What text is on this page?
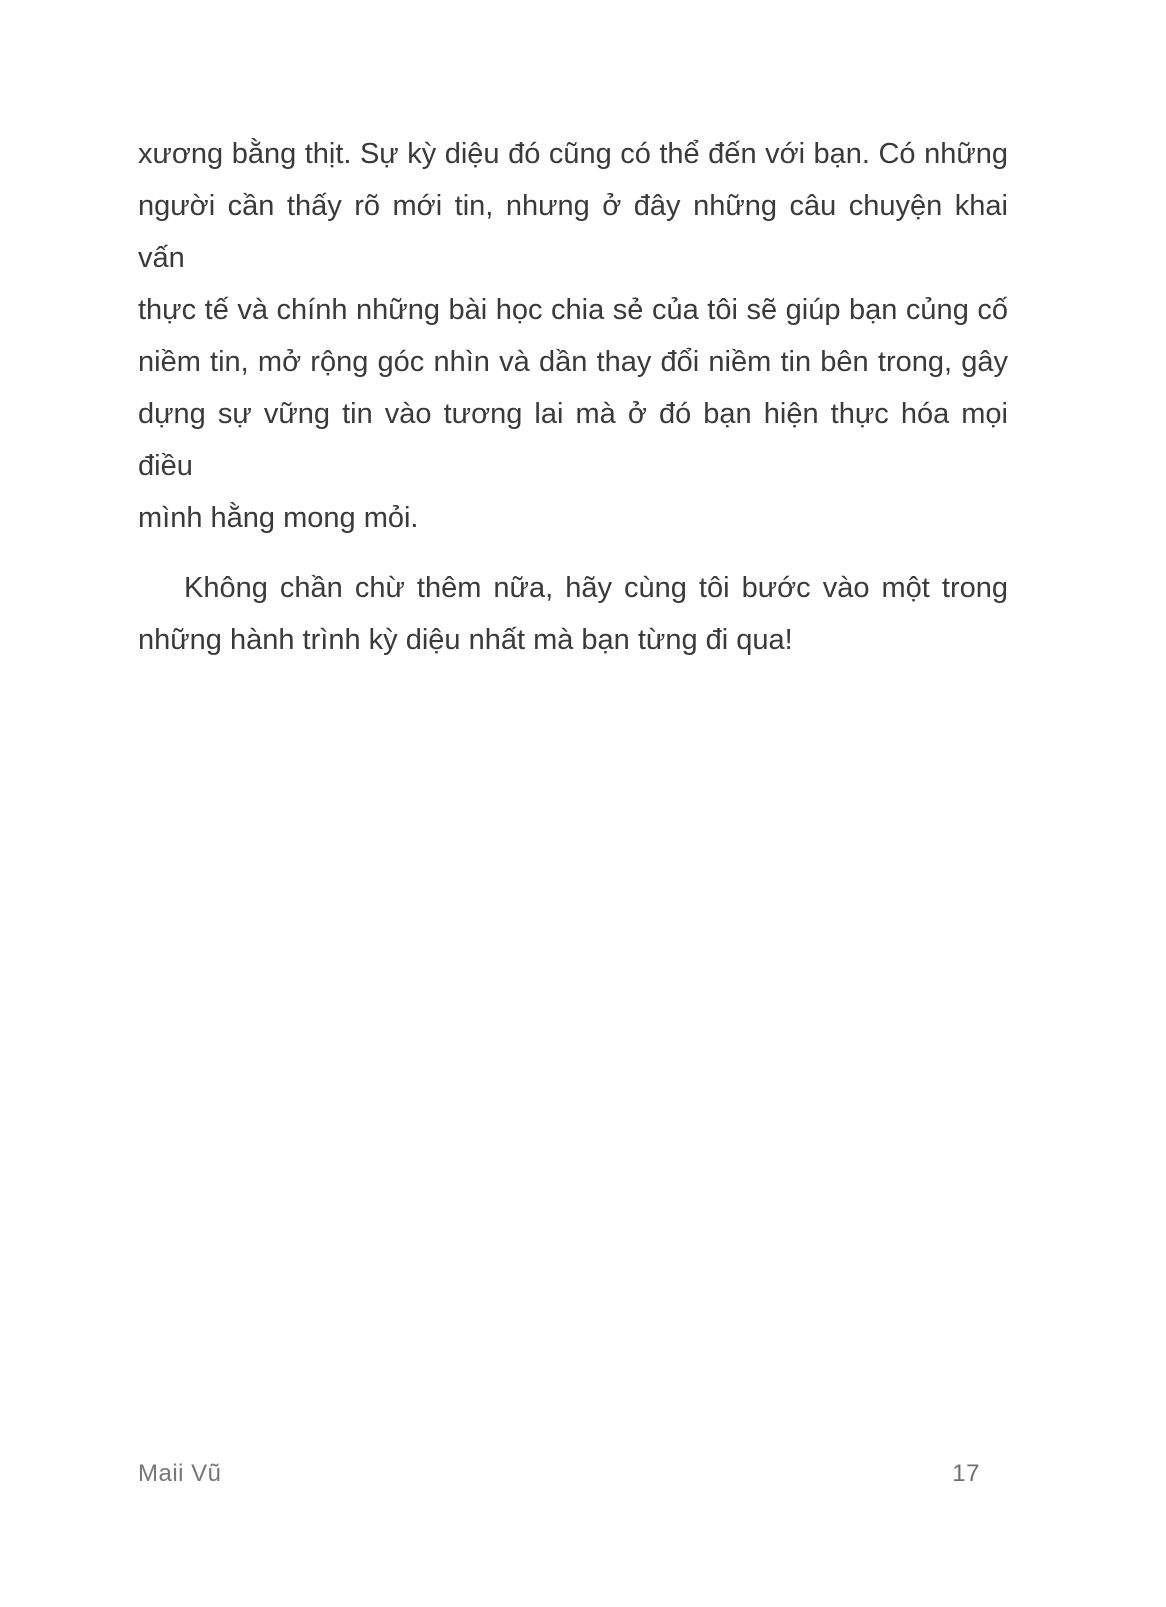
xương bằng thịt. Sự kỳ diệu đó cũng có thể đến với bạn. Có những
người cần thấy rõ mới tin, nhưng ở đây những câu chuyện khai vấn
thực tế và chính những bài học chia sẻ của tôi sẽ giúp bạn củng cố
niềm tin, mở rộng góc nhìn và dần thay đổi niềm tin bên trong, gây
dựng sự vững tin vào tương lai mà ở đó bạn hiện thực hóa mọi điều
mình hằng mong mỏi.
Không chần chừ thêm nữa, hãy cùng tôi bước vào một trong
những hành trình kỳ diệu nhất mà bạn từng đi qua!
Maii Vũ	17
